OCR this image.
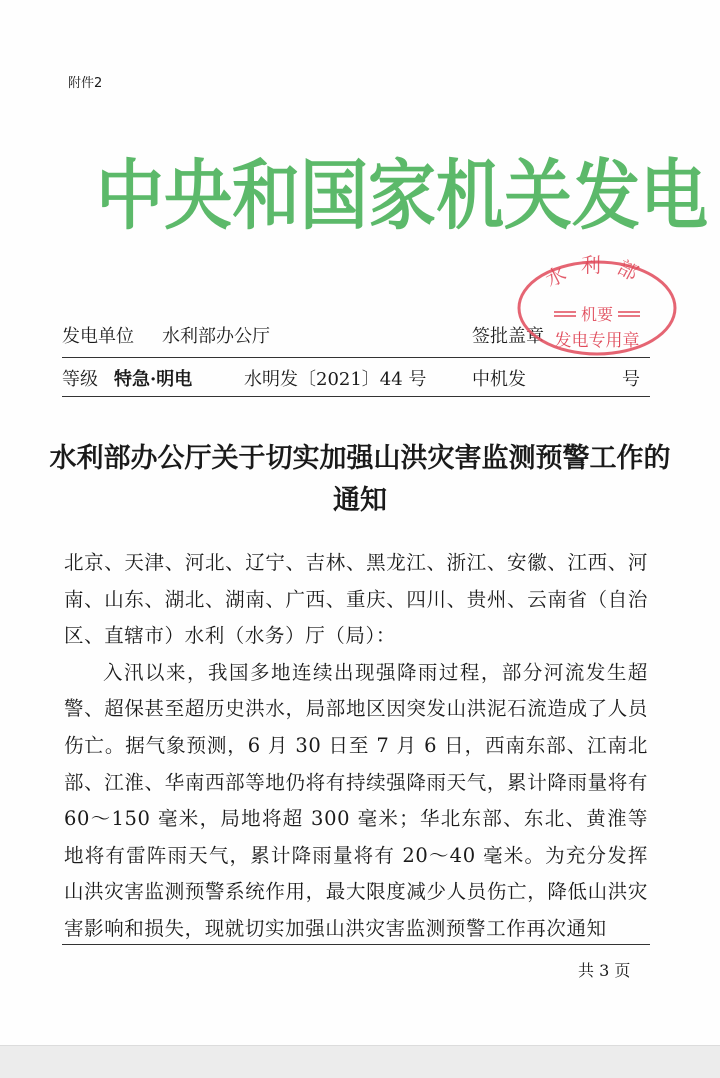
附件2
中央和国家机关发电
发电单位 水利部办公厅	签批盖章
等级 特急·明电	水明发〔2021〕44 号	中机发	号
水利部
机要
发电专用章
水利部办公厅关于切实加强山洪灾害监测预警工作的通知

北京、天津、河北、辽宁、吉林、黑龙江、浙江、安徽、江西、河南、山东、湖北、湖南、广西、重庆、四川、贵州、云南省（自治区、直辖市）水利（水务）厅（局）：

入汛以来，我国多地连续出现强降雨过程，部分河流发生超警、超保甚至超历史洪水，局部地区因突发山洪泥石流造成了人员伤亡。据气象预测，6 月 30 日至 7 月 6 日，西南东部、江南北部、江淮、华南西部等地仍将有持续强降雨天气，累计降雨量将有 60～150 毫米，局地将超 300 毫米；华北东部、东北、黄淮等地将有雷阵雨天气，累计降雨量将有 20～40 毫米。为充分发挥山洪灾害监测预警系统作用，最大限度减少人员伤亡，降低山洪灾害影响和损失，现就切实加强山洪灾害监测预警工作再次通知

共 3 页
